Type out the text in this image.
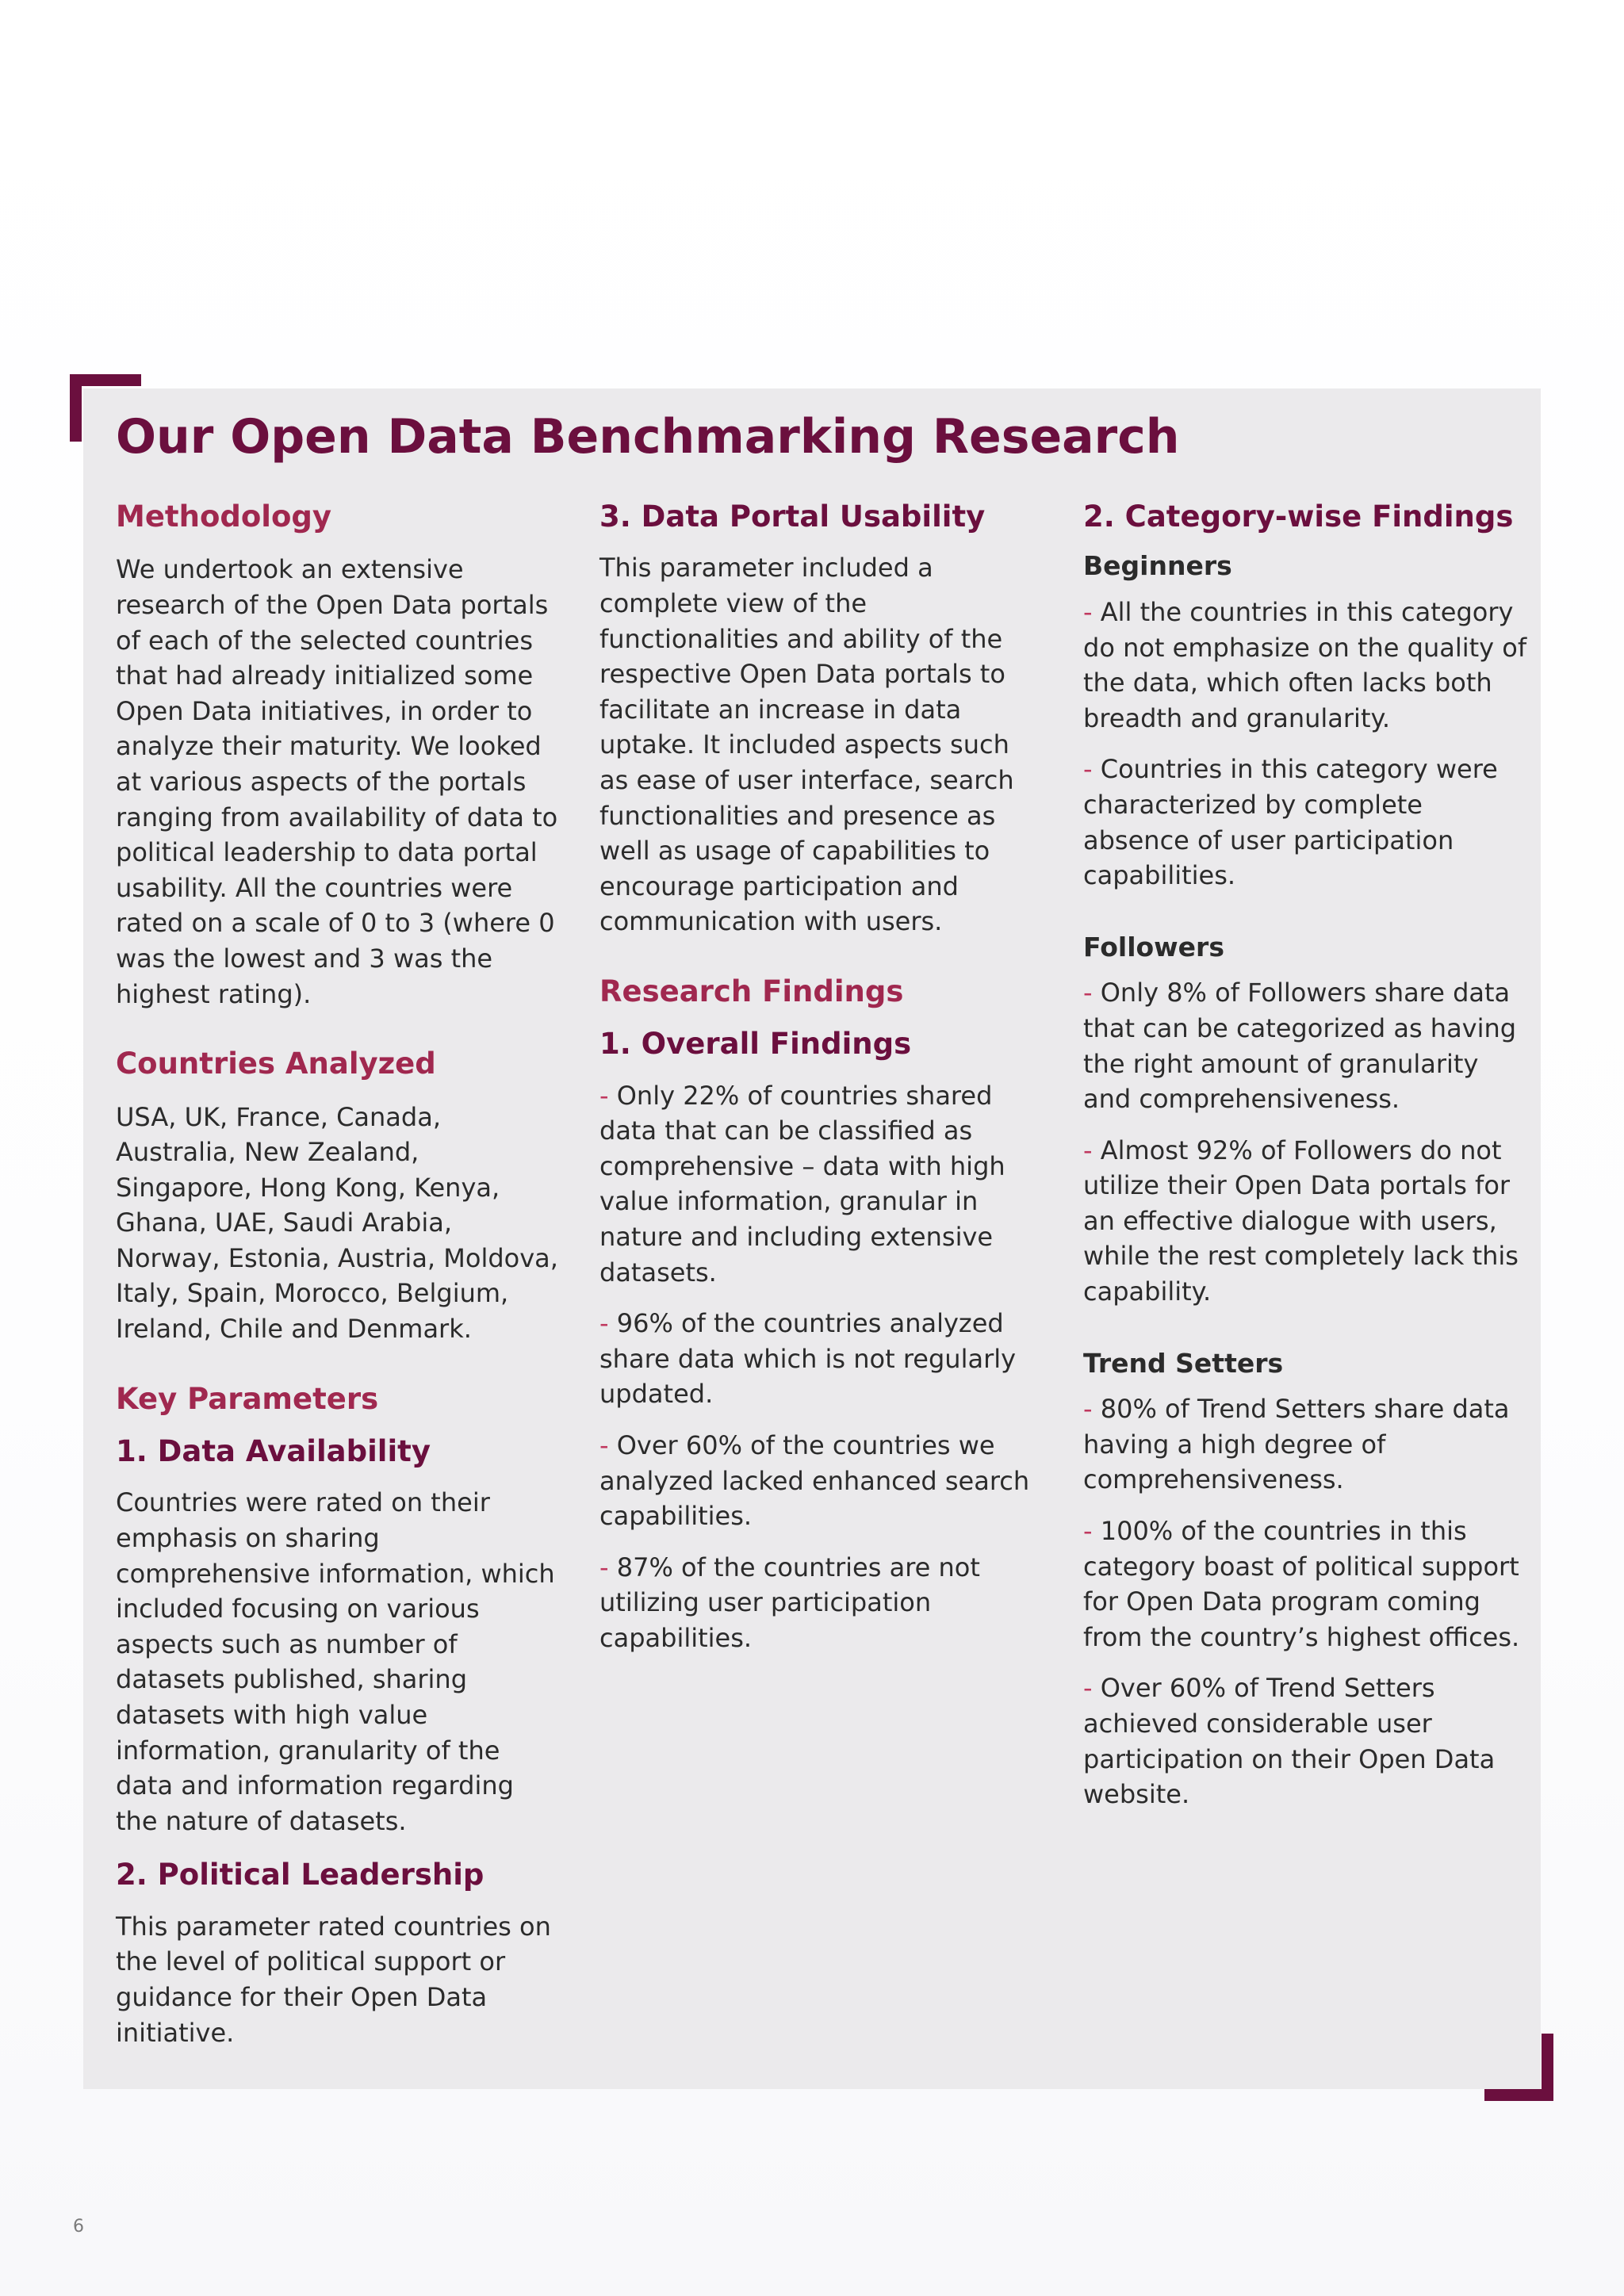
Our Open Data Benchmarking Research
Methodology

We undertook an extensive research of the Open Data portals of each of the selected countries that had already initialized some Open Data initiatives, in order to analyze their maturity. We looked at various aspects of the portals ranging from availability of data to political leadership to data portal usability. All the countries were rated on a scale of 0 to 3 (where 0 was the lowest and 3 was the highest rating).

Countries Analyzed

USA, UK, France, Canada, Australia, New Zealand, Singapore, Hong Kong, Kenya, Ghana, UAE, Saudi Arabia, Norway, Estonia, Austria, Moldova, Italy, Spain, Morocco, Belgium, Ireland, Chile and Denmark.

Key Parameters
1. Data Availability

Countries were rated on their emphasis on sharing comprehensive information, which included focusing on various aspects such as number of datasets published, sharing datasets with high value information, granularity of the data and information regarding the nature of datasets.

2. Political Leadership

This parameter rated countries on the level of political support or guidance for their Open Data initiative.

3. Data Portal Usability

This parameter included a complete view of the functionalities and ability of the respective Open Data portals to facilitate an increase in data uptake. It included aspects such as ease of user interface, search functionalities and presence as well as usage of capabilities to encourage participation and communication with users.

Research Findings
1. Overall Findings

- Only 22% of countries shared data that can be classified as comprehensive – data with high value information, granular in nature and including extensive datasets.

- 96% of the countries analyzed share data which is not regularly updated.

- Over 60% of the countries we analyzed lacked enhanced search capabilities.

- 87% of the countries are not utilizing user participation capabilities.

2. Category-wise Findings
Beginners

- All the countries in this category do not emphasize on the quality of the data, which often lacks both breadth and granularity.

- Countries in this category were characterized by complete absence of user participation capabilities.

Followers

- Only 8% of Followers share data that can be categorized as having the right amount of granularity and comprehensiveness.

- Almost 92% of Followers do not utilize their Open Data portals for an effective dialogue with users, while the rest completely lack this capability.

Trend Setters

- 80% of Trend Setters share data having a high degree of comprehensiveness.

- 100% of the countries in this category boast of political support for Open Data program coming from the country’s highest offices.

- Over 60% of Trend Setters achieved considerable user participation on their Open Data website.

6
